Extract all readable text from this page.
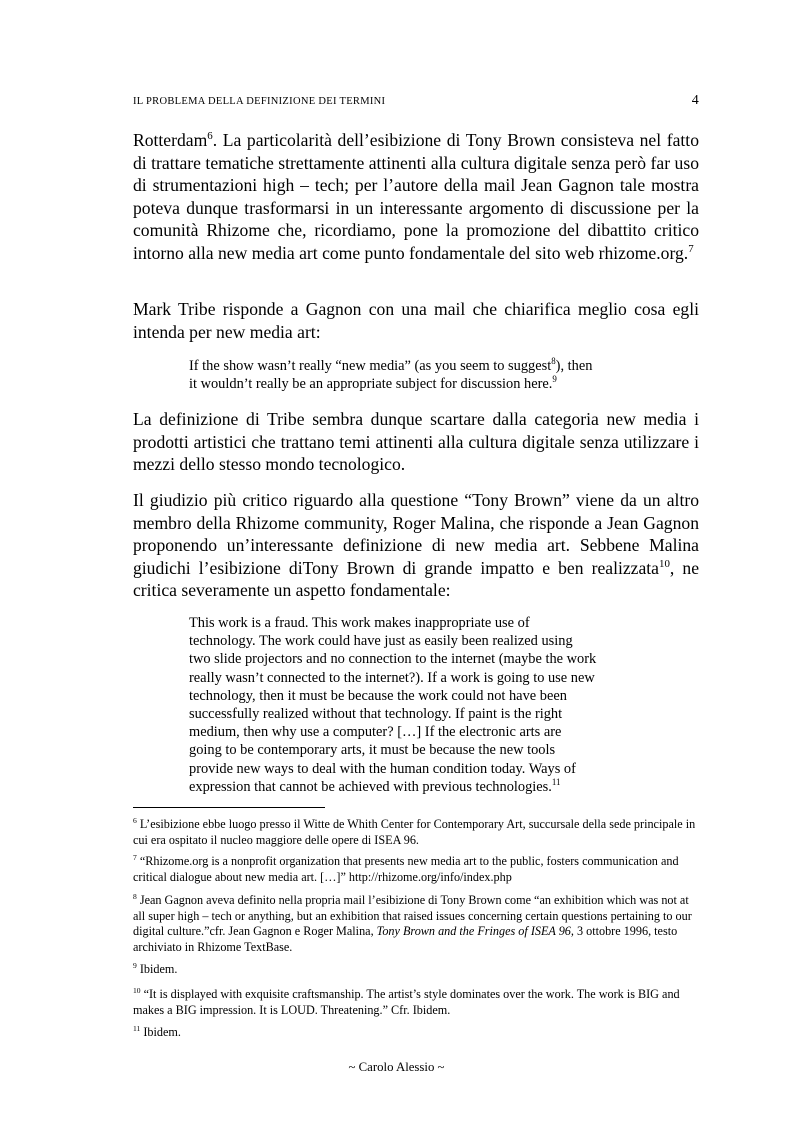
IL PROBLEMA DELLA DEFINIZIONE DEI TERMINI	4

Rotterdam$^6$. La particolarità dell’esibizione di Tony Brown consisteva nel fatto di trattare tematiche strettamente attinenti alla cultura digitale senza però far uso di strumentazioni high – tech; per l’autore della mail Jean Gagnon tale mostra poteva dunque trasformarsi in un interessante argomento di discussione per la comunità Rhizome che, ricordiamo, pone la promozione del dibattito critico intorno alla new media art come punto fondamentale del sito web rhizome.org.$^7$

Mark Tribe risponde a Gagnon con una mail che chiarifica meglio cosa egli intenda per new media art:

If the show wasn’t really “new media” (as you seem to suggest$^8$), then
it wouldn’t really be an appropriate subject for discussion here.$^9$

La definizione di Tribe sembra dunque scartare dalla categoria new media i prodotti artistici che trattano temi attinenti alla cultura digitale senza utilizzare i mezzi dello stesso mondo tecnologico.

Il giudizio più critico riguardo alla questione “Tony Brown” viene da un altro membro della Rhizome community, Roger Malina, che risponde a Jean Gagnon proponendo un’interessante definizione di new media art. Sebbene Malina giudichi l’esibizione diTony Brown di grande impatto e ben realizzata$^{10}$, ne critica severamente un aspetto fondamentale:

This work is a fraud. This work makes inappropriate use of
technology. The work could have just as easily been realized using
two slide projectors and no connection to the internet (maybe the work
really wasn’t connected to the internet?). If a work is going to use new
technology, then it must be because the work could not have been
successfully realized without that technology. If paint is the right
medium, then why use a computer? […] If the electronic arts are
going to be contemporary arts, it must be because the new tools
provide new ways to deal with the human condition today. Ways of
expression that cannot be achieved with previous technologies.$^{11}$

$^6$ L’esibizione ebbe luogo presso il Witte de Whith Center for Contemporary Art, succursale della sede principale in cui era ospitato il nucleo maggiore delle opere di ISEA 96.

$^7$ “Rhizome.org is a nonprofit organization that presents new media art to the public, fosters communication and critical dialogue about new media art. […]” http://rhizome.org/info/index.php

$^8$ Jean Gagnon aveva definito nella propria mail l’esibizione di Tony Brown come “an exhibition which was not at all super high – tech or anything, but an exhibition that raised issues concerning certain questions pertaining to our digital culture.”cfr. Jean Gagnon e Roger Malina, Tony Brown and the Fringes of ISEA 96, 3 ottobre 1996, testo archiviato in Rhizome TextBase.

$^9$ Ibidem.

$^{10}$ “It is displayed with exquisite craftsmanship. The artist’s style dominates over the work. The work is BIG and makes a BIG impression. It is LOUD. Threatening.” Cfr. Ibidem.

$^{11}$ Ibidem.

~ Carolo Alessio ~
